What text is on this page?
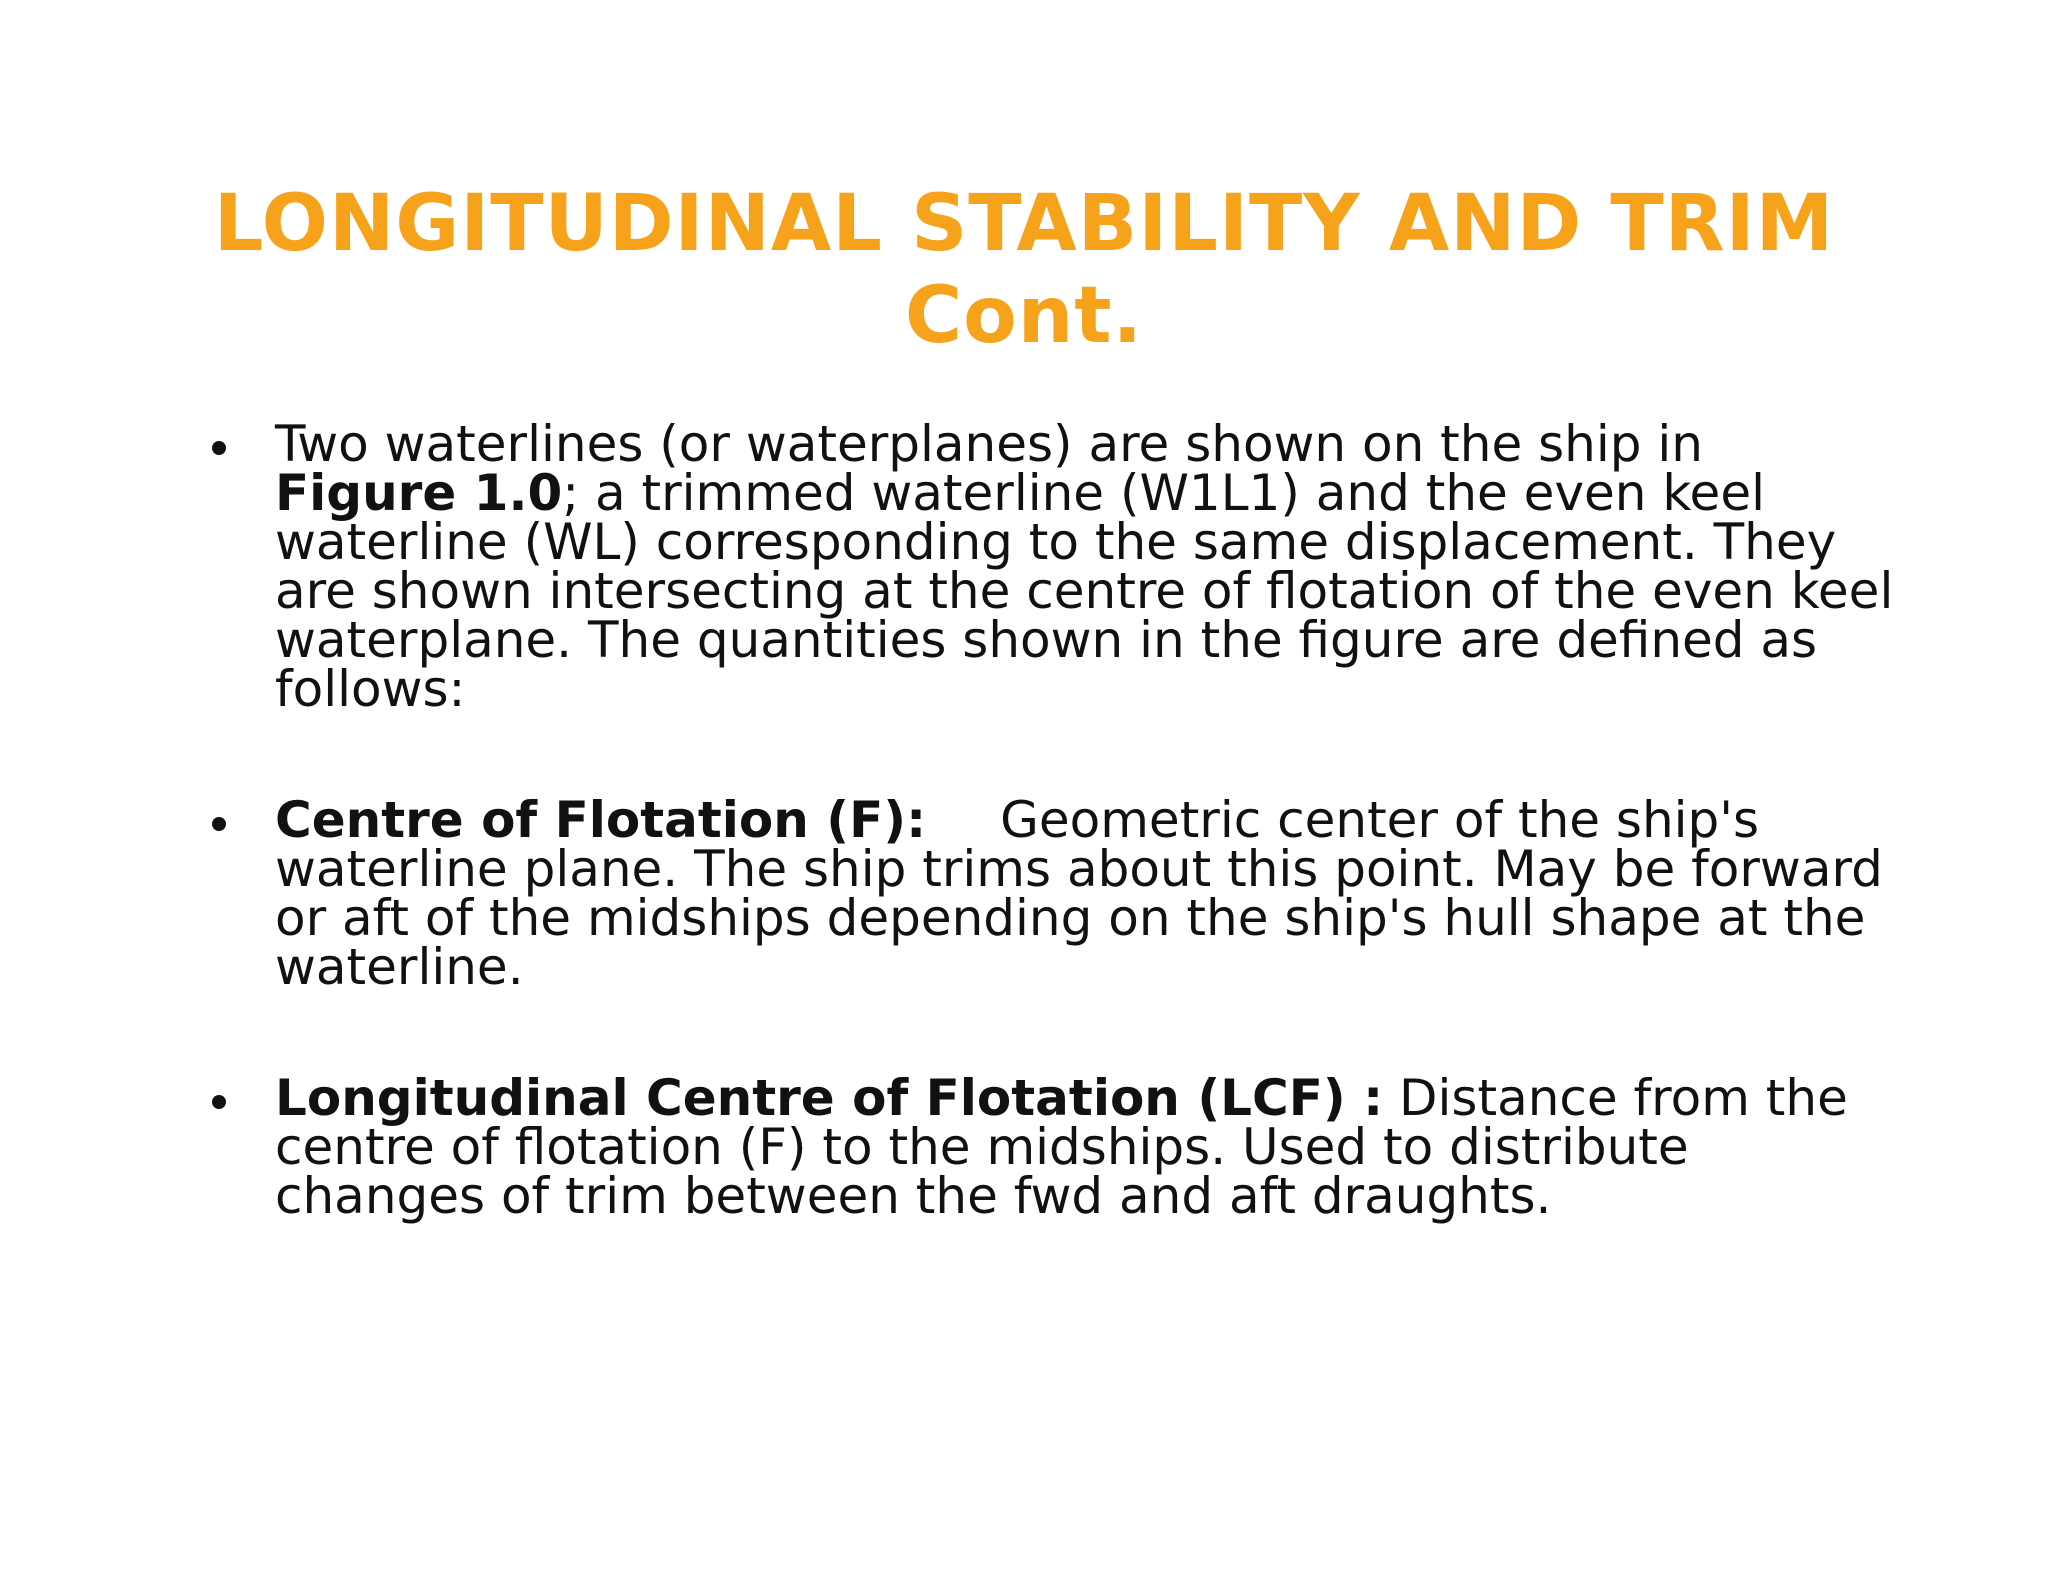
LONGITUDINAL STABILITY AND TRIM
Cont.
Two waterlines (or waterplanes) are shown on the ship in Figure 1.0; a trimmed waterline (W1L1) and the even keel waterline (WL) corresponding to the same displacement. They are shown intersecting at the centre of flotation of the even keel waterplane. The quantities shown in the figure are defined as follows:
Centre of Flotation (F): Geometric center of the ship's waterline plane. The ship trims about this point. May be forward or aft of the midships depending on the ship's hull shape at the waterline.
Longitudinal Centre of Flotation (LCF) : Distance from the centre of flotation (F) to the midships. Used to distribute changes of trim between the fwd and aft draughts.
